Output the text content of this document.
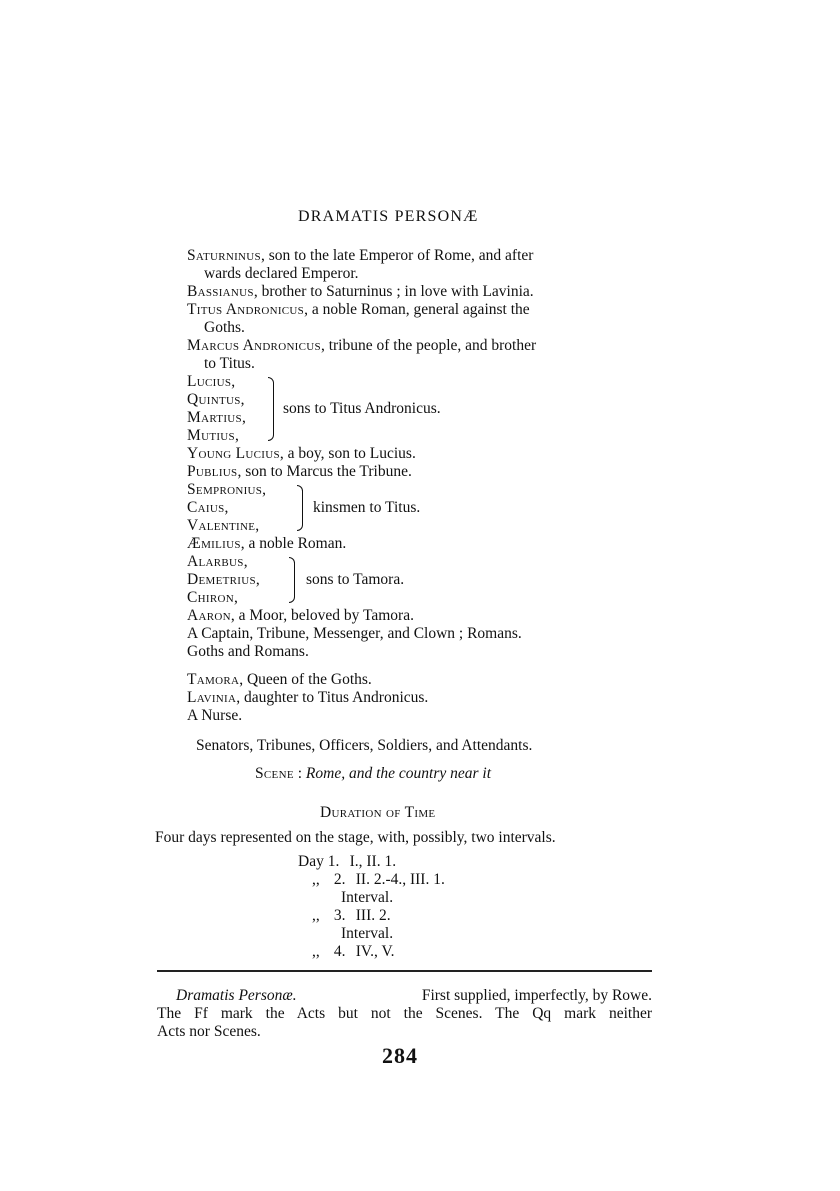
DRAMATIS PERSONÆ
Saturninus, son to the late Emperor of Rome, and after
wards declared Emperor.
Bassianus, brother to Saturninus ; in love with Lavinia.
Titus Andronicus, a noble Roman, general against the
Goths.
Marcus Andronicus, tribune of the people, and brother
to Titus.
Lucius,
Quintus,
Martius,
Mutius,
sons to Titus Andronicus.
Young Lucius, a boy, son to Lucius.
Publius, son to Marcus the Tribune.
Sempronius,
Caius,
Valentine,
kinsmen to Titus.
Æmilius, a noble Roman.
Alarbus,
Demetrius,
Chiron,
sons to Tamora.
Aaron, a Moor, beloved by Tamora.
A Captain, Tribune, Messenger, and Clown ; Romans.
Goths and Romans.
Tamora, Queen of the Goths.
Lavinia, daughter to Titus Andronicus.
A Nurse.
Senators, Tribunes, Officers, Soldiers, and Attendants.
Scene : Rome, and the country near it
Duration of Time
Four days represented on the stage, with, possibly, two intervals.
Day 1. I., II. 1.
,, 2. II. 2.-4., III. 1.
Interval.
,, 3. III. 2.
Interval.
,, 4. IV., V.
Dramatis Personæ.	First supplied, imperfectly, by Rowe.
The Ff mark the Acts but not the Scenes. The Qq mark neither
Acts nor Scenes.
284
